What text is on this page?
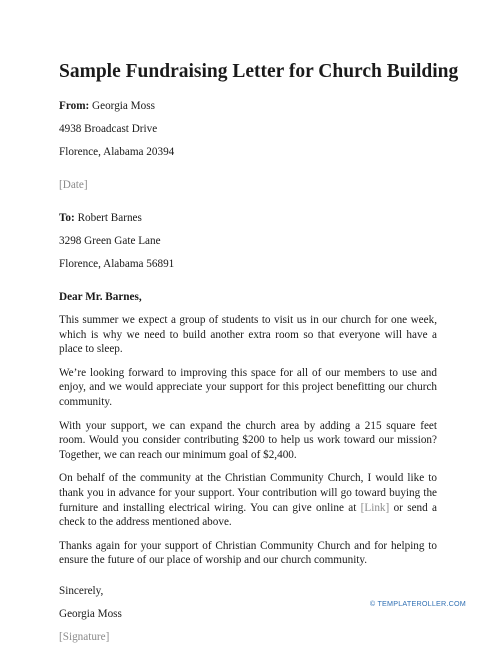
Sample Fundraising Letter for Church Building
From: Georgia Moss
4938 Broadcast Drive
Florence, Alabama 20394
[Date]
To: Robert Barnes
3298 Green Gate Lane
Florence, Alabama 56891
Dear Mr. Barnes,

This summer we expect a group of students to visit us in our church for one week, which is why we need to build another extra room so that everyone will have a place to sleep.

We’re looking forward to improving this space for all of our members to use and enjoy, and we would appreciate your support for this project benefitting our church community.

With your support, we can expand the church area by adding a 215 square feet room. Would you consider contributing $200 to help us work toward our mission? Together, we can reach our minimum goal of $2,400.

On behalf of the community at the Christian Community Church, I would like to thank you in advance for your support. Your contribution will go toward buying the furniture and installing electrical wiring. You can give online at [Link] or send a check to the address mentioned above.

Thanks again for your support of Christian Community Church and for helping to ensure the future of our place of worship and our church community.

Sincerely,
Georgia Moss
[Signature]
© TEMPLATEROLLER.COM
